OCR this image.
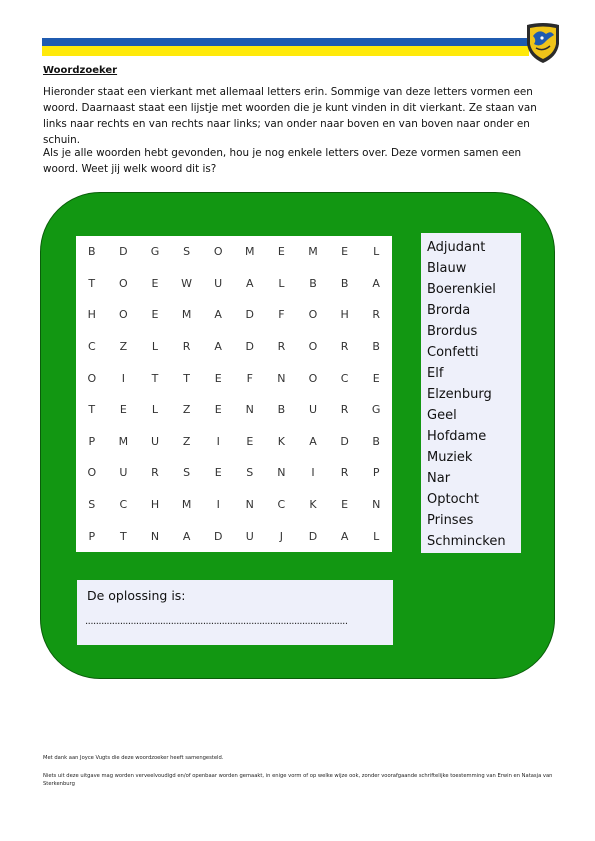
Woordzoeker

Hieronder staat een vierkant met allemaal letters erin. Sommige van deze letters vormen een woord. Daarnaast staat een lijstje met woorden die je kunt vinden in dit vierkant. Ze staan van links naar rechts en van rechts naar links; van onder naar boven en van boven naar onder en schuin.

Als je alle woorden hebt gevonden, hou je nog enkele letters over. Deze vormen samen een woord. Weet jij welk woord dit is?

B	D	G	S	O	M	E	M	E	L
T	O	E	W	U	A	L	B	B	A
H	O	E	M	A	D	F	O	H	R
C	Z	L	R	A	D	R	O	R	B
O	I	T	T	E	F	N	O	C	E
T	E	L	Z	E	N	B	U	R	G
P	M	U	Z	I	E	K	A	D	B
O	U	R	S	E	S	N	I	R	P
S	C	H	M	I	N	C	K	E	N
P	T	N	A	D	U	J	D	A	L
Adjudant
Blauw
Boerenkiel
Brorda
Brordus
Confetti
Elf
Elzenburg
Geel
Hofdame
Muziek
Nar
Optocht
Prinses
Schmincken
De oplossing is:
..................................................................................................
Met dank aan Joyce Vugts die deze woordzoeker heeft samengesteld.
Niets uit deze uitgave mag worden verveelvoudigd en/of openbaar worden gemaakt, in enige vorm of op welke wijze ook, zonder voorafgaande schriftelijke toestemming van Erwin en Natasja van Sterkenburg
